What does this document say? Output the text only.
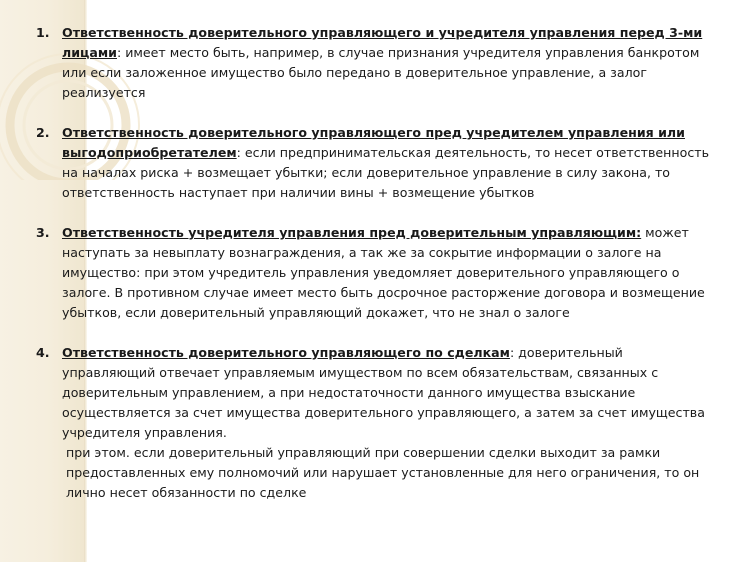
1. Ответственность доверительного управляющего и учредителя управления перед 3-ми лицами: имеет место быть, например, в случае признания учредителя управления банкротом или если заложенное имущество было передано в доверительное управление, а залог реализуется
2. Ответственность доверительного управляющего пред учредителем управления или выгодоприобретателем: если предпринимательская деятельность, то несет ответственность на началах риска + возмещает убытки; если доверительное управление в силу закона, то ответственность наступает при наличии вины + возмещение убытков
3. Ответственность учредителя управления пред доверительным управляющим: может наступать за невыплату вознаграждения, а так же за сокрытие информации о залоге на имущество: при этом учредитель управления уведомляет доверительного управляющего о залоге. В противном случае имеет место быть досрочное расторжение договора и возмещение убытков, если доверительный управляющий докажет, что не знал о залоге
4. Ответственность доверительного управляющего по сделкам: доверительный управляющий отвечает управляемым имуществом по всем обязательствам, связанных с доверительным управлением, а при недостаточности данного имущества взыскание осуществляется за счет имущества доверительного управляющего, а затем за счет имущества учредителя управления.
при этом. если доверительный управляющий при совершении сделки выходит за рамки предоставленных ему полномочий или нарушает установленные для него ограничения, то он лично несет обязанности по сделке
